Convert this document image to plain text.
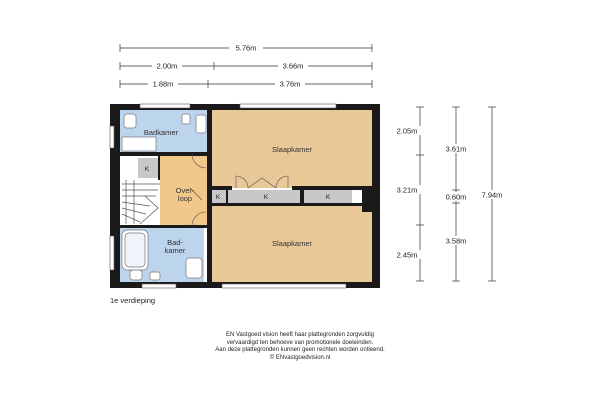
5.76m
2.00m	3.66m
1.88m	3.76m
2.05m
3.21m
2.45m
3.61m
0.60m
3.58m
7.94m
Badkamer
Slaapkamer
Over-
loop
Bad-
kamer
Slaapkamer
K
K	K	K
1e verdieping
EN Vastgoed vision heeft haar plattegronden zorgvuldig
vervaardigd ten behoeve van promotionele doeleinden.
Aan deze plattegronden kunnen geen rechten worden ontleend.
© ENvastgoedvision.nl
